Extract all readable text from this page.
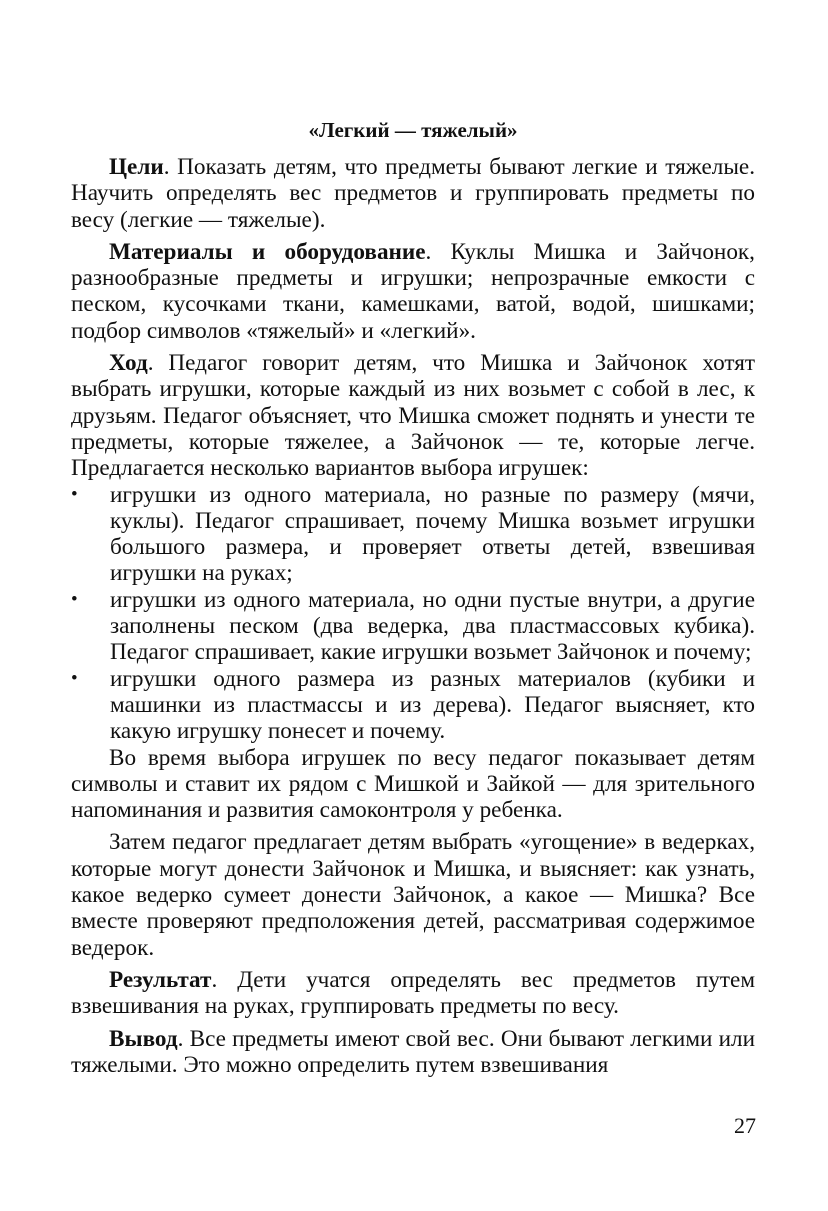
«Легкий — тяжелый»

Цели. Показать детям, что предметы бывают легкие и тяжелые. Научить определять вес предметов и группировать предметы по весу (легкие — тяжелые).

Материалы и оборудование. Куклы Мишка и Зайчонок, разнообразные предметы и игрушки; непрозрачные емкости с песком, кусочками ткани, камешками, ватой, водой, шишками; подбор символов «тяжелый» и «легкий».

Ход. Педагог говорит детям, что Мишка и Зайчонок хотят выбрать игрушки, которые каждый из них возьмет с собой в лес, к друзьям. Педагог объясняет, что Мишка сможет поднять и унести те предметы, которые тяжелее, а Зайчонок — те, которые легче. Предлагается несколько вариантов выбора игрушек:

• игрушки из одного материала, но разные по размеру (мячи, куклы). Педагог спрашивает, почему Мишка возьмет игрушки большого размера, и проверяет ответы детей, взвешивая игрушки на руках;
• игрушки из одного материала, но одни пустые внутри, а другие заполнены песком (два ведерка, два пластмассовых кубика). Педагог спрашивает, какие игрушки возьмет Зайчонок и почему;
• игрушки одного размера из разных материалов (кубики и машинки из пластмассы и из дерева). Педагог выясняет, кто какую игрушку понесет и почему.

Во время выбора игрушек по весу педагог показывает детям символы и ставит их рядом с Мишкой и Зайкой — для зрительного напоминания и развития самоконтроля у ребенка.

Затем педагог предлагает детям выбрать «угощение» в ведерках, которые могут донести Зайчонок и Мишка, и выясняет: как узнать, какое ведерко сумеет донести Зайчонок, а какое — Мишка? Все вместе проверяют предположения детей, рассматривая содержимое ведерок.

Результат. Дети учатся определять вес предметов путем взвешивания на руках, группировать предметы по весу.

Вывод. Все предметы имеют свой вес. Они бывают легкими или тяжелыми. Это можно определить путем взвешивания

27
